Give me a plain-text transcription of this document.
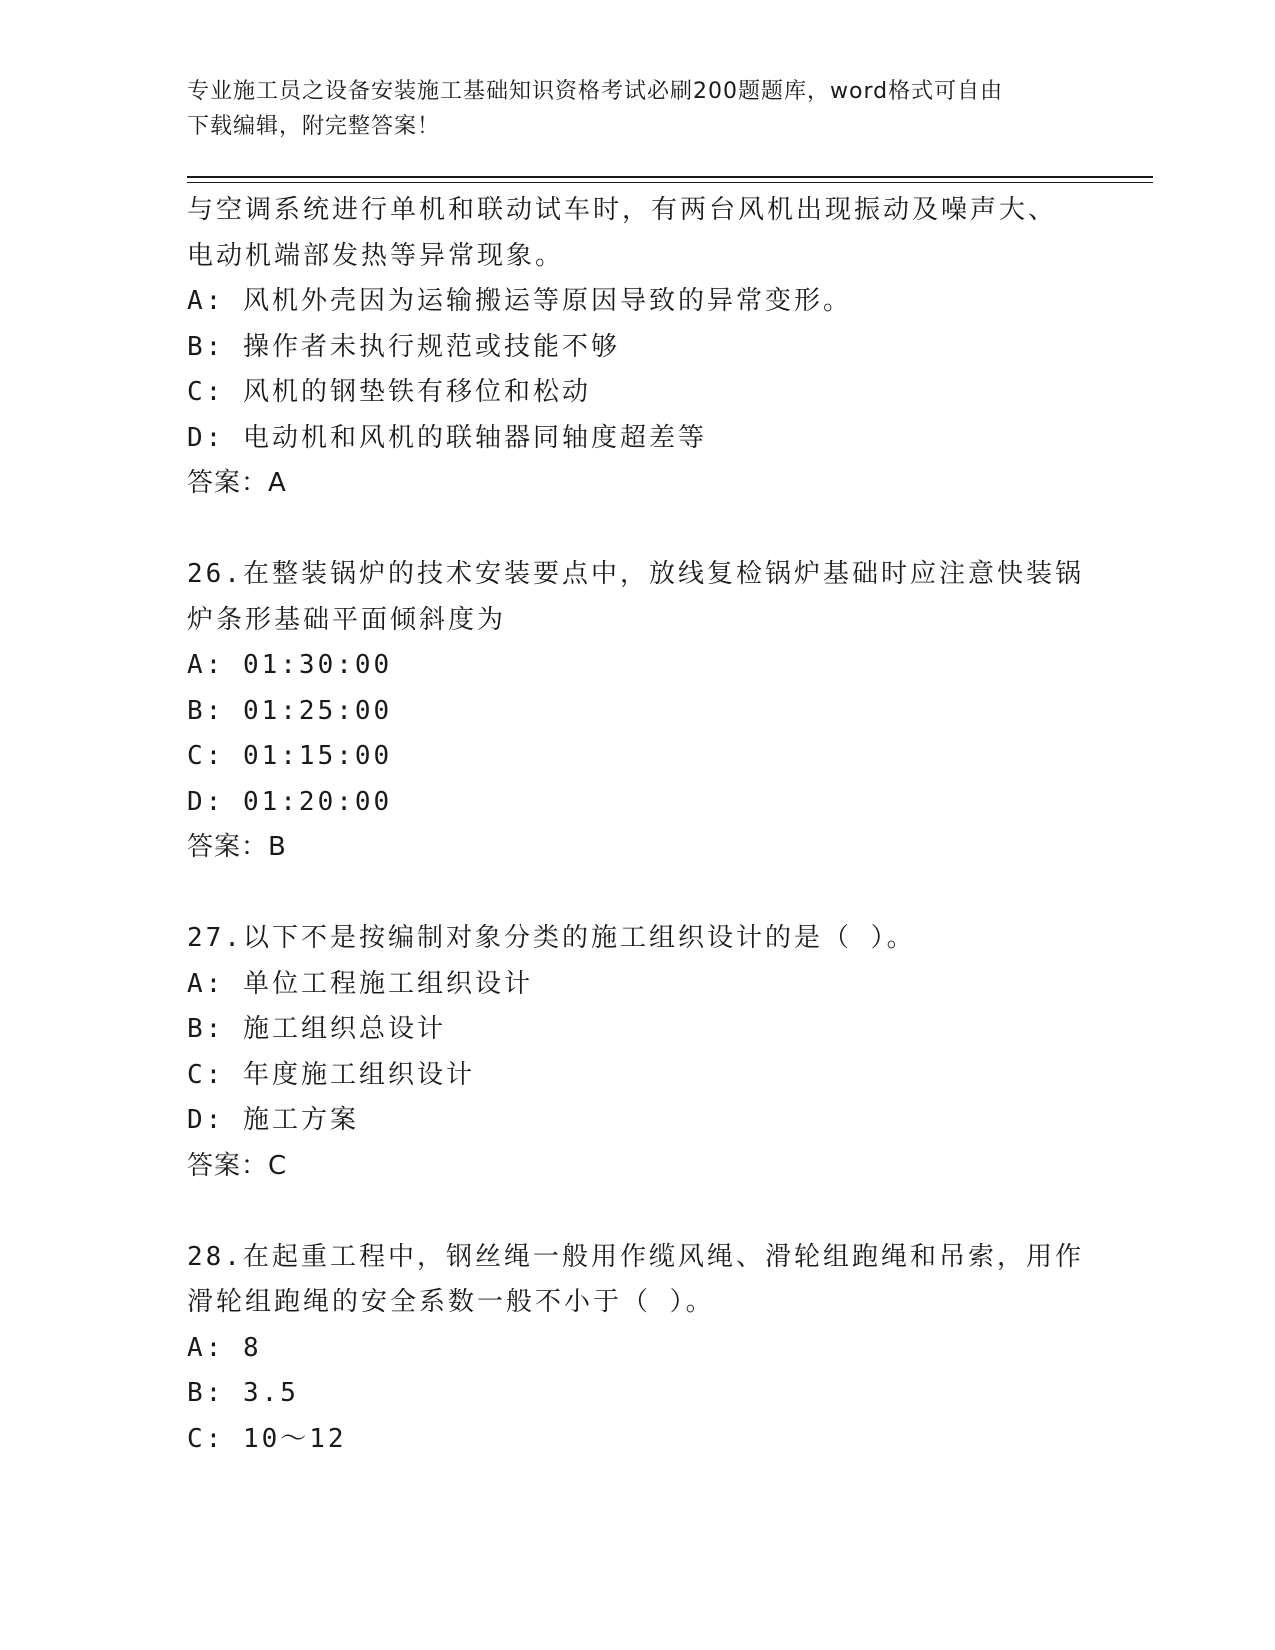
专业施工员之设备安装施工基础知识资格考试必刷200题题库，word格式可自由
下载编辑，附完整答案！
与空调系统进行单机和联动试车时，有两台风机出现振动及噪声大、
电动机端部发热等异常现象。
A: 风机外壳因为运输搬运等原因导致的异常变形。
B: 操作者未执行规范或技能不够
C: 风机的钢垫铁有移位和松动
D: 电动机和风机的联轴器同轴度超差等
答案：A
26.在整装锅炉的技术安装要点中，放线复检锅炉基础时应注意快装锅
炉条形基础平面倾斜度为
A: 01:30:00
B: 01:25:00
C: 01:15:00
D: 01:20:00
答案：B
27.以下不是按编制对象分类的施工组织设计的是（ ）。
A: 单位工程施工组织设计
B: 施工组织总设计
C: 年度施工组织设计
D: 施工方案
答案：C
28.在起重工程中，钢丝绳一般用作缆风绳、滑轮组跑绳和吊索，用作
滑轮组跑绳的安全系数一般不小于（ ）。
A: 8
B: 3.5
C: 10～12
